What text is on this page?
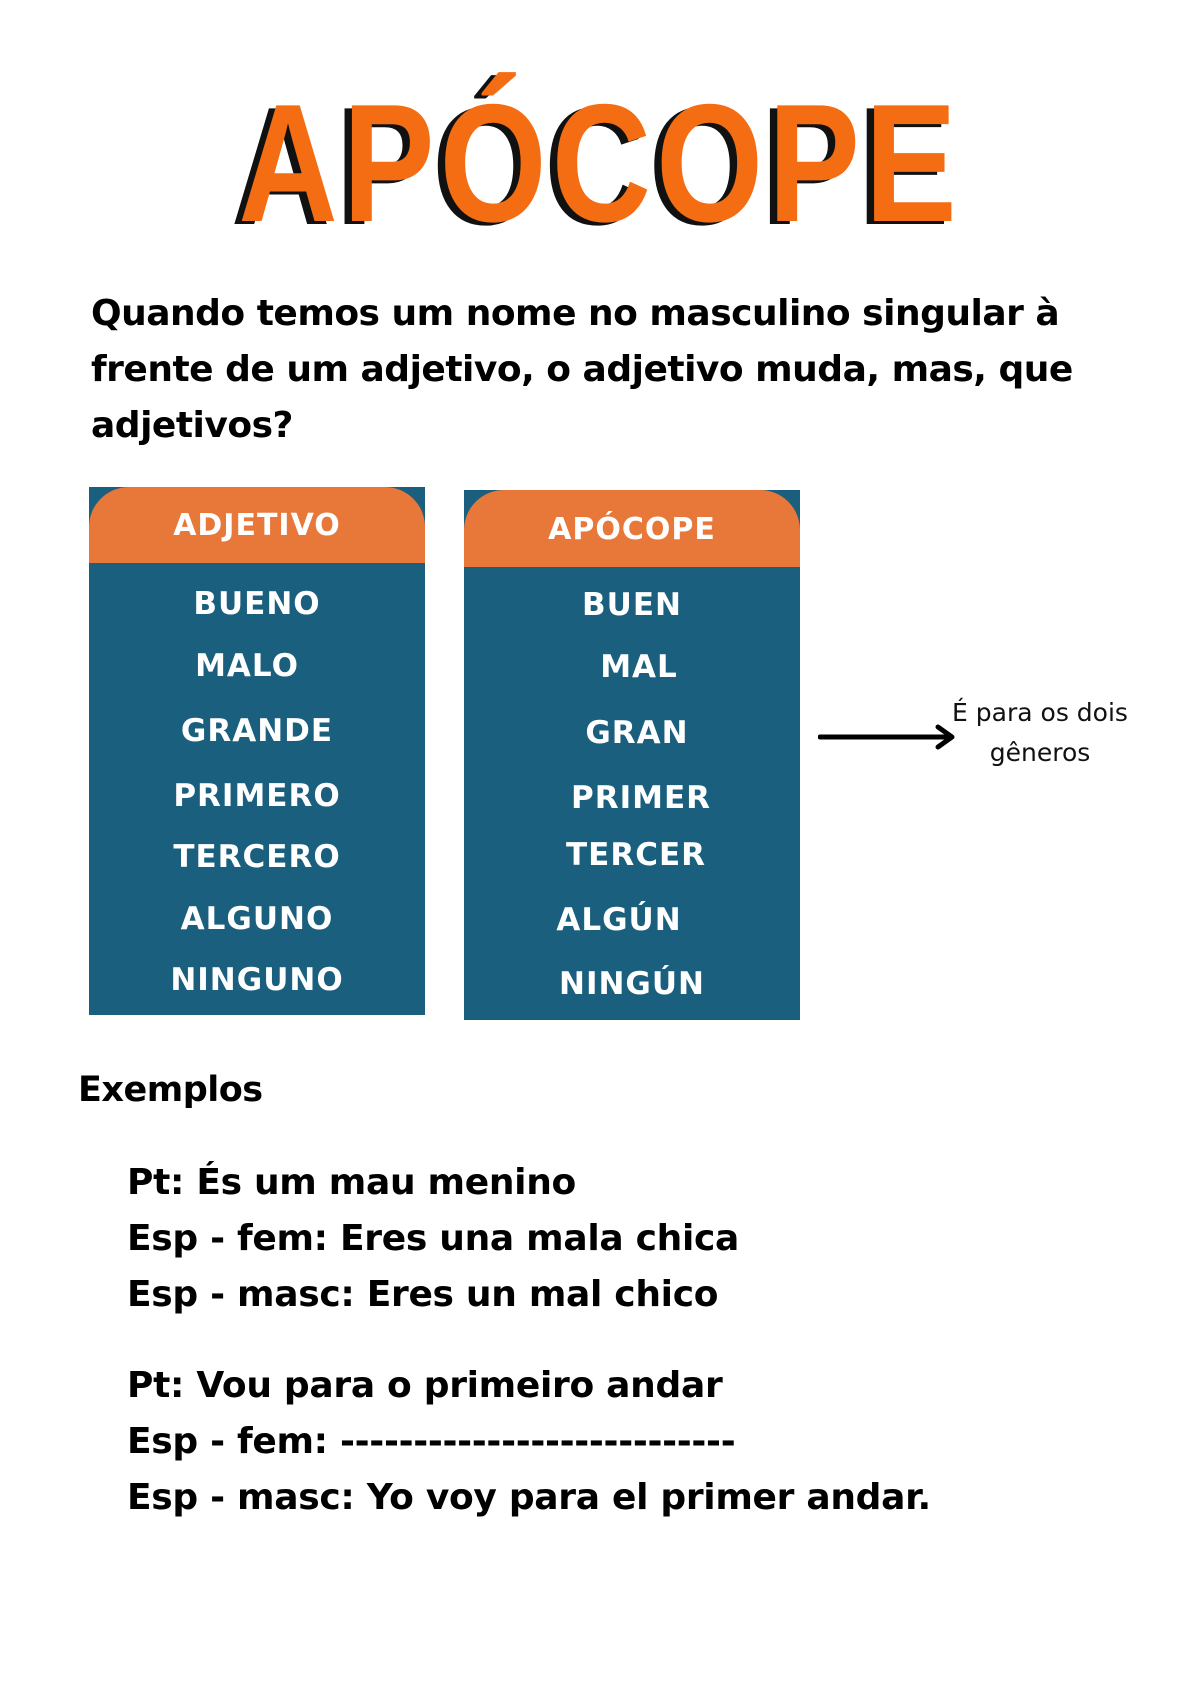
APÓCOPE

Quando temos um nome no masculino singular à frente de um adjetivo, o adjetivo muda, mas, que adjetivos?

ADJETIVO
BUENO
MALO
GRANDE
PRIMERO
TERCERO
ALGUNO
NINGUNO
APÓCOPE
BUEN
MAL
GRAN
PRIMER
TERCER
ALGÚN
NINGÚN
É para os dois
gêneros
Exemplos
Pt: És um mau menino
Esp - fem: Eres una mala chica
Esp - masc: Eres un mal chico
Pt: Vou para o primeiro andar
Esp - fem: ---------------------------
Esp - masc: Yo voy para el primer andar.
